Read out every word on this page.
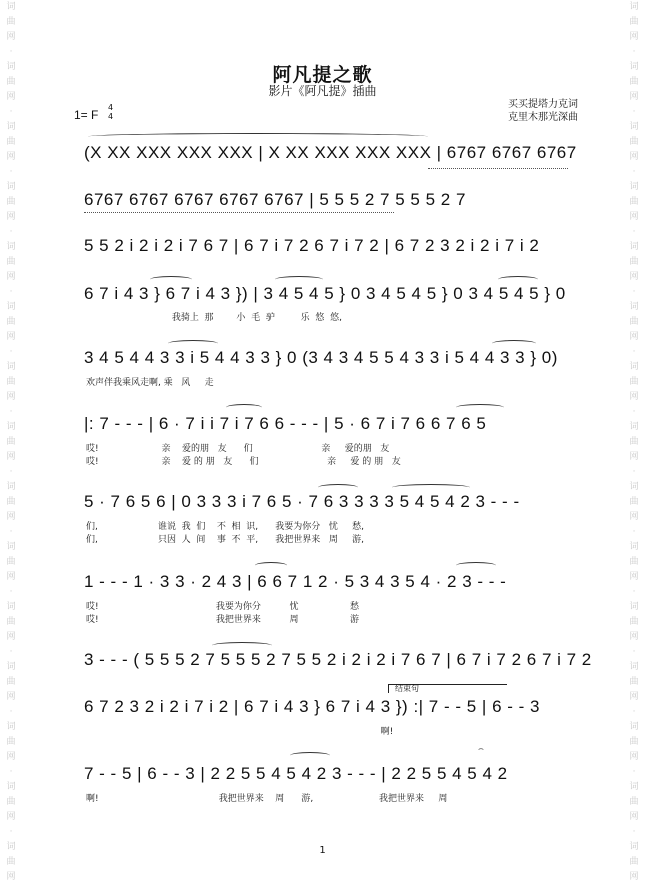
词曲网
·
词曲网
·
词曲网
·
词曲网
·
词曲网
·
词曲网
·
词曲网
·
词曲网
·
词曲网
·
词曲网
·
词曲网
·
词曲网
·
词曲网
·
词曲网
·
词曲网
词曲网
·
词曲网
·
词曲网
·
词曲网
·
词曲网
·
词曲网
·
词曲网
·
词曲网
·
词曲网
·
词曲网
·
词曲网
·
词曲网
·
词曲网
·
词曲网
·
词曲网
阿凡提之歌
影片《阿凡提》插曲
1= F
4
4
买买提塔力克词
克里木那光深曲
(X XX XXX XXX XXX | X XX XXX XXX XXX | 6767 6767 6767
6767 6767 6767 6767 6767 | 5 5 5 2 7 5 5 5 2 7
5 5 2 i 2 i 2 i 7 6 7 | 6 7 i 7 2 6 7 i 7 2 | 6 7 2 3 2 i 2 i 7 i 2
6 7 i 4 3 } 6 7 i 4 3 }) | 3 4 5 4 5 } 0 3 4 5 4 5 } 0 3 4 5 4 5 } 0
我骑上  那        小  毛  驴         乐  悠  悠,
3 4 5 4 4 3 3 i 5 4 4 3 3 } 0 (3 4 3 4 5 5 4 3 3 i 5 4 4 3 3 } 0)
欢声伴我乘风走啊, 乘   风     走
|: 7 - - - | 6 · 7 i i 7 i 7 6 6 - - - | 5 · 6 7 i 7 6 6 7 6 5
哎!                      亲    爱的朋   友      们                        亲     爱的朋   友
哎!                      亲    爱 的 朋   友      们                        亲     爱 的 朋   友
5 · 7 6 5 6 | 0 3 3 3 i 7 6 5 · 7 6 3 3 3 3 5 4 5 4 2 3 - - -
们,                     谁说  我  们    不  相  识,      我要为你分   忧     愁,
们,                     只因  人  间    事  不  平,      我把世界来   周     游,
1 - - - 1 · 3 3 · 2 4 3 | 6 6 7 1 2 · 5 3 4 3 5 4 · 2 3 - - -
哎!                                         我要为你分          忧                  愁
哎!                                         我把世界来          周                  游
3 - - - ( 5 5 5 2 7 5 5 5 2 7 5 5 2 i 2 i 2 i 7 6 7 | 6 7 i 7 2 6 7 i 7 2
结束句
6 7 2 3 2 i 2 i 7 i 2 | 6 7 i 4 3 } 6 7 i 4 3 }) :| 7 - - 5 | 6 - - 3
啊!
⌢
7 - - 5 | 6 - - 3 | 2 2 5 5 4 5 4 2 3 - - - | 2 2 5 5 4 5 4 2
啊!                                          我把世界来    周      游,                       我把世界来     周
1
